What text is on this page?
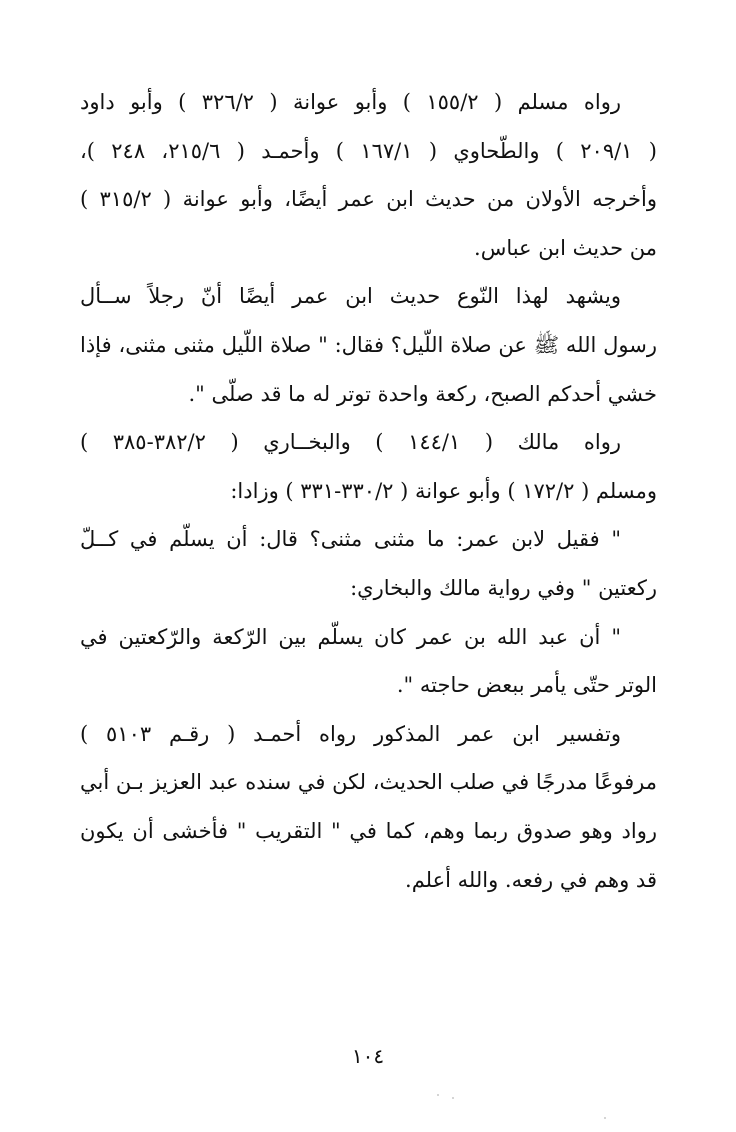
رواه مسلم ( ١٥٥/٢ ) وأبو عوانة ( ٣٢٦/٢ ) وأبو داود
( ٢٠٩/١ ) والطّحاوي ( ١٦٧/١ ) وأحمـد ( ٢١٥/٦، ٢٤٨ )،
وأخرجه الأولان من حديث ابن عمر أيضًا، وأبو عوانة ( ٣١٥/٢ )
من حديث ابن عباس.
ويشهد لهذا النّوع حديث ابن عمر أيضًا أنّ رجلاً ســأل
رسول الله ﷺ عن صلاة اللّيل؟ فقال: " صلاة اللّيل مثنى مثنى، فإذا
خشي أحدكم الصبح، ركعة واحدة توتر له ما قد صلّى ".
رواه مالك ( ١٤٤/١ ) والبخــاري ( ٣٨٢/٢-٣٨٥ )
ومسلم ( ١٧٢/٢ ) وأبو عوانة ( ٣٣٠/٢-٣٣١ ) وزادا:
" فقيل لابن عمر: ما مثنى مثنى؟ قال: أن يسلّم في كــلّ
ركعتين " وفي رواية مالك والبخاري:
" أن عبد الله بن عمر كان يسلّم بين الرّكعة والرّكعتين في
الوتر حتّى يأمر ببعض حاجته ".
وتفسير ابن عمر المذكور رواه أحمـد ( رقـم ٥١٠٣ )
مرفوعًا مدرجًا في صلب الحديث، لكن في سنده عبد العزيز بـن أبي
رواد وهو صدوق ربما وهم، كما في " التقريب " فأخشى أن يكون
قد وهم في رفعه. والله أعلم.
١٠٤
